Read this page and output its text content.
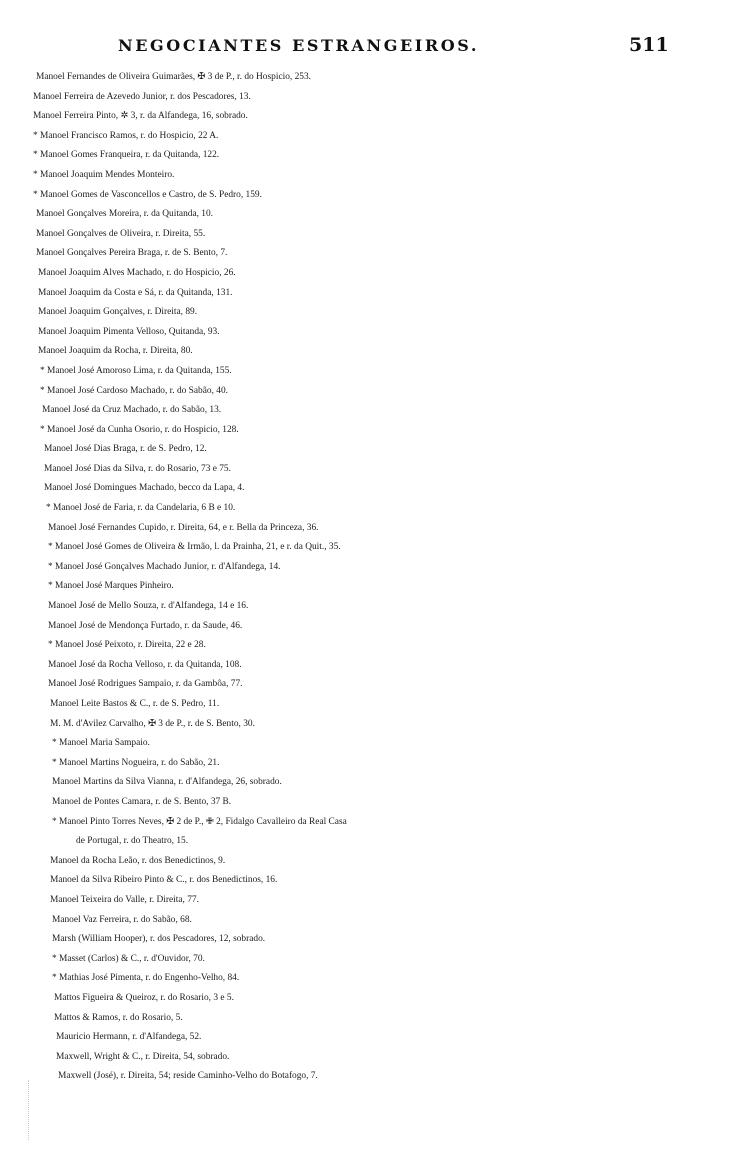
NEGOCIANTES ESTRANGEIROS.	511
Manoel Fernandes de Oliveira Guimarães, ✠ 3 de P., r. do Hospicio, 253.
Manoel Ferreira de Azevedo Junior, r. dos Pescadores, 13.
Manoel Ferreira Pinto, ✲ 3, r. da Alfandega, 16, sobrado.
* Manoel Francisco Ramos, r. do Hospicio, 22 A.
* Manoel Gomes Franqueira, r. da Quitanda, 122.
* Manoel Joaquim Mendes Monteiro.
* Manoel Gomes de Vasconcellos e Castro, de S. Pedro, 159.
Manoel Gonçalves Moreira, r. da Quitanda, 10.
Manoel Gonçalves de Oliveira, r. Direita, 55.
Manoel Gonçalves Pereira Braga, r. de S. Bento, 7.
Manoel Joaquim Alves Machado, r. do Hospicio, 26.
Manoel Joaquim da Costa e Sá, r. da Quitanda, 131.
Manoel Joaquim Gonçalves, r. Direita, 89.
Manoel Joaquim Pimenta Velloso, Quitanda, 93.
Manoel Joaquim da Rocha, r. Direita, 80.
* Manoel José Amoroso Lima, r. da Quitanda, 155.
* Manoel José Cardoso Machado, r. do Sabão, 40.
Manoel José da Cruz Machado, r. do Sabão, 13.
* Manoel José da Cunha Osorio, r. do Hospicio, 128.
Manoel José Dias Braga, r. de S. Pedro, 12.
Manoel José Dias da Silva, r. do Rosario, 73 e 75.
Manoel José Domingues Machado, becco da Lapa, 4.
* Manoel José de Faria, r. da Candelaria, 6 B e 10.
Manoel José Fernandes Cupido, r. Direita, 64, e r. Bella da Princeza, 36.
* Manoel José Gomes de Oliveira & Irmão, l. da Prainha, 21, e r. da Quit., 35.
* Manoel José Gonçalves Machado Junior, r. d'Alfandega, 14.
* Manoel José Marques Pinheiro.
Manoel José de Mello Souza, r. d'Alfandega, 14 e 16.
Manoel José de Mendonça Furtado, r. da Saude, 46.
* Manoel José Peixoto, r. Direita, 22 e 28.
Manoel José da Rocha Velloso, r. da Quitanda, 108.
Manoel José Rodrigues Sampaio, r. da Gambôa, 77.
Manoel Leite Bastos & C., r. de S. Pedro, 11.
M. M. d'Avilez Carvalho, ✠ 3 de P., r. de S. Bento, 30.
* Manoel Maria Sampaio.
* Manoel Martins Nogueira, r. do Sabão, 21.
Manoel Martins da Silva Vianna, r. d'Alfandega, 26, sobrado.
Manoel de Pontes Camara, r. de S. Bento, 37 B.
* Manoel Pinto Torres Neves, ✠ 2 de P., ✙ 2, Fidalgo Cavalleiro da Real Casa
de Portugal, r. do Theatro, 15.
Manoel da Rocha Leão, r. dos Benedictinos, 9.
Manoel da Silva Ribeiro Pinto & C., r. dos Benedictinos, 16.
Manoel Teixeira do Valle, r. Direita, 77.
Manoel Vaz Ferreira, r. do Sabão, 68.
Marsh (William Hooper), r. dos Pescadores, 12, sobrado.
* Masset (Carlos) & C., r. d'Ouvidor, 70.
* Mathias José Pimenta, r. do Engenho-Velho, 84.
Mattos Figueira & Queiroz, r. do Rosario, 3 e 5.
Mattos & Ramos, r. do Rosario, 5.
Mauricio Hermann, r. d'Alfandega, 52.
Maxwell, Wright & C., r. Direita, 54, sobrado.
Maxwell (José), r. Direita, 54; reside Caminho-Velho do Botafogo, 7.
